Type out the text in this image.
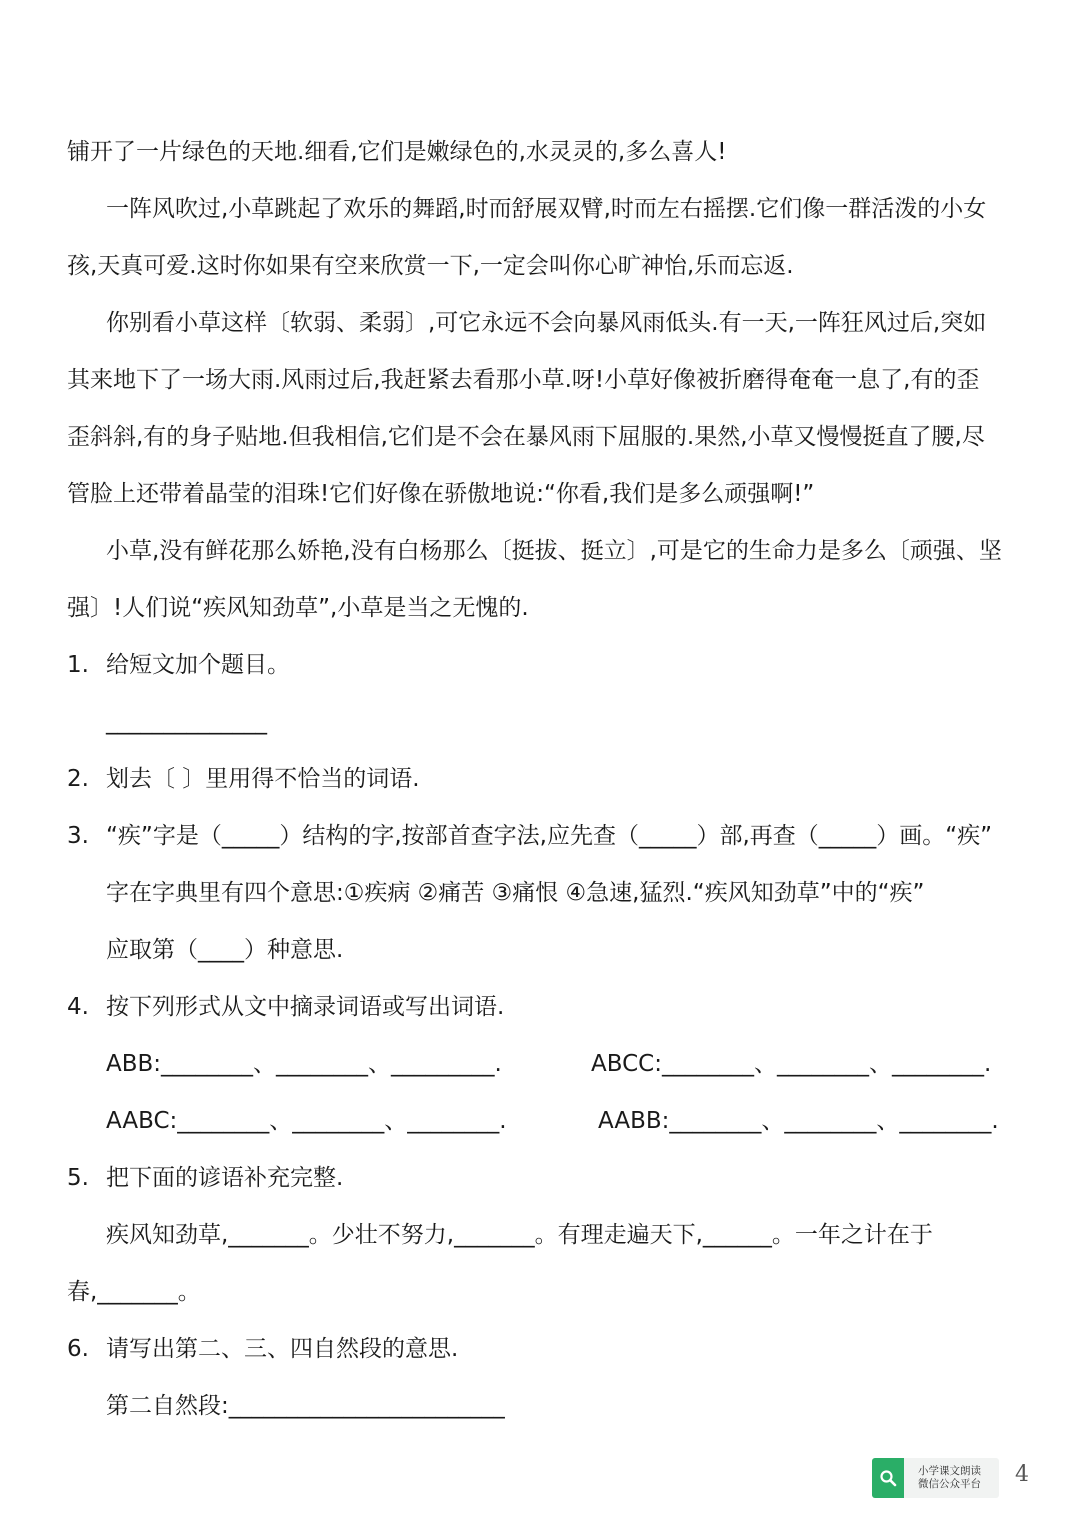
铺开了一片绿色的天地.细看,它们是嫩绿色的,水灵灵的,多么喜人!
一阵风吹过,小草跳起了欢乐的舞蹈,时而舒展双臂,时而左右摇摆.它们像一群活泼的小女
孩,天真可爱.这时你如果有空来欣赏一下,一定会叫你心旷神怡,乐而忘返.
你别看小草这样〔软弱、柔弱〕,可它永远不会向暴风雨低头.有一天,一阵狂风过后,突如
其来地下了一场大雨.风雨过后,我赶紧去看那小草.呀!小草好像被折磨得奄奄一息了,有的歪
歪斜斜,有的身子贴地.但我相信,它们是不会在暴风雨下屈服的.果然,小草又慢慢挺直了腰,尽
管脸上还带着晶莹的泪珠!它们好像在骄傲地说:“你看,我们是多么顽强啊!”
小草,没有鲜花那么娇艳,没有白杨那么〔挺拔、挺立〕,可是它的生命力是多么〔顽强、坚
强〕!人们说“疾风知劲草”,小草是当之无愧的.
1. 给短文加个题目。
______________
2. 划去〔 〕里用得不恰当的词语.
3. “疾”字是（_____）结构的字,按部首查字法,应先查（_____）部,再查（_____）画。“疾”
字在字典里有四个意思:①疾病 ②痛苦 ③痛恨 ④急速,猛烈.“疾风知劲草”中的“疾”
应取第（____）种意思.
4. 按下列形式从文中摘录词语或写出词语.
ABB:________、________、_________.	ABCC:________、________、________.
AABC:________、________、________.	AABB:________、________、________.
5. 把下面的谚语补充完整.
疾风知劲草,_______。少壮不努力,_______。有理走遍天下,______。一年之计在于
春,_______。
6. 请写出第二、三、四自然段的意思.
第二自然段:________________________
小学课文朗读
微信公众平台 4
